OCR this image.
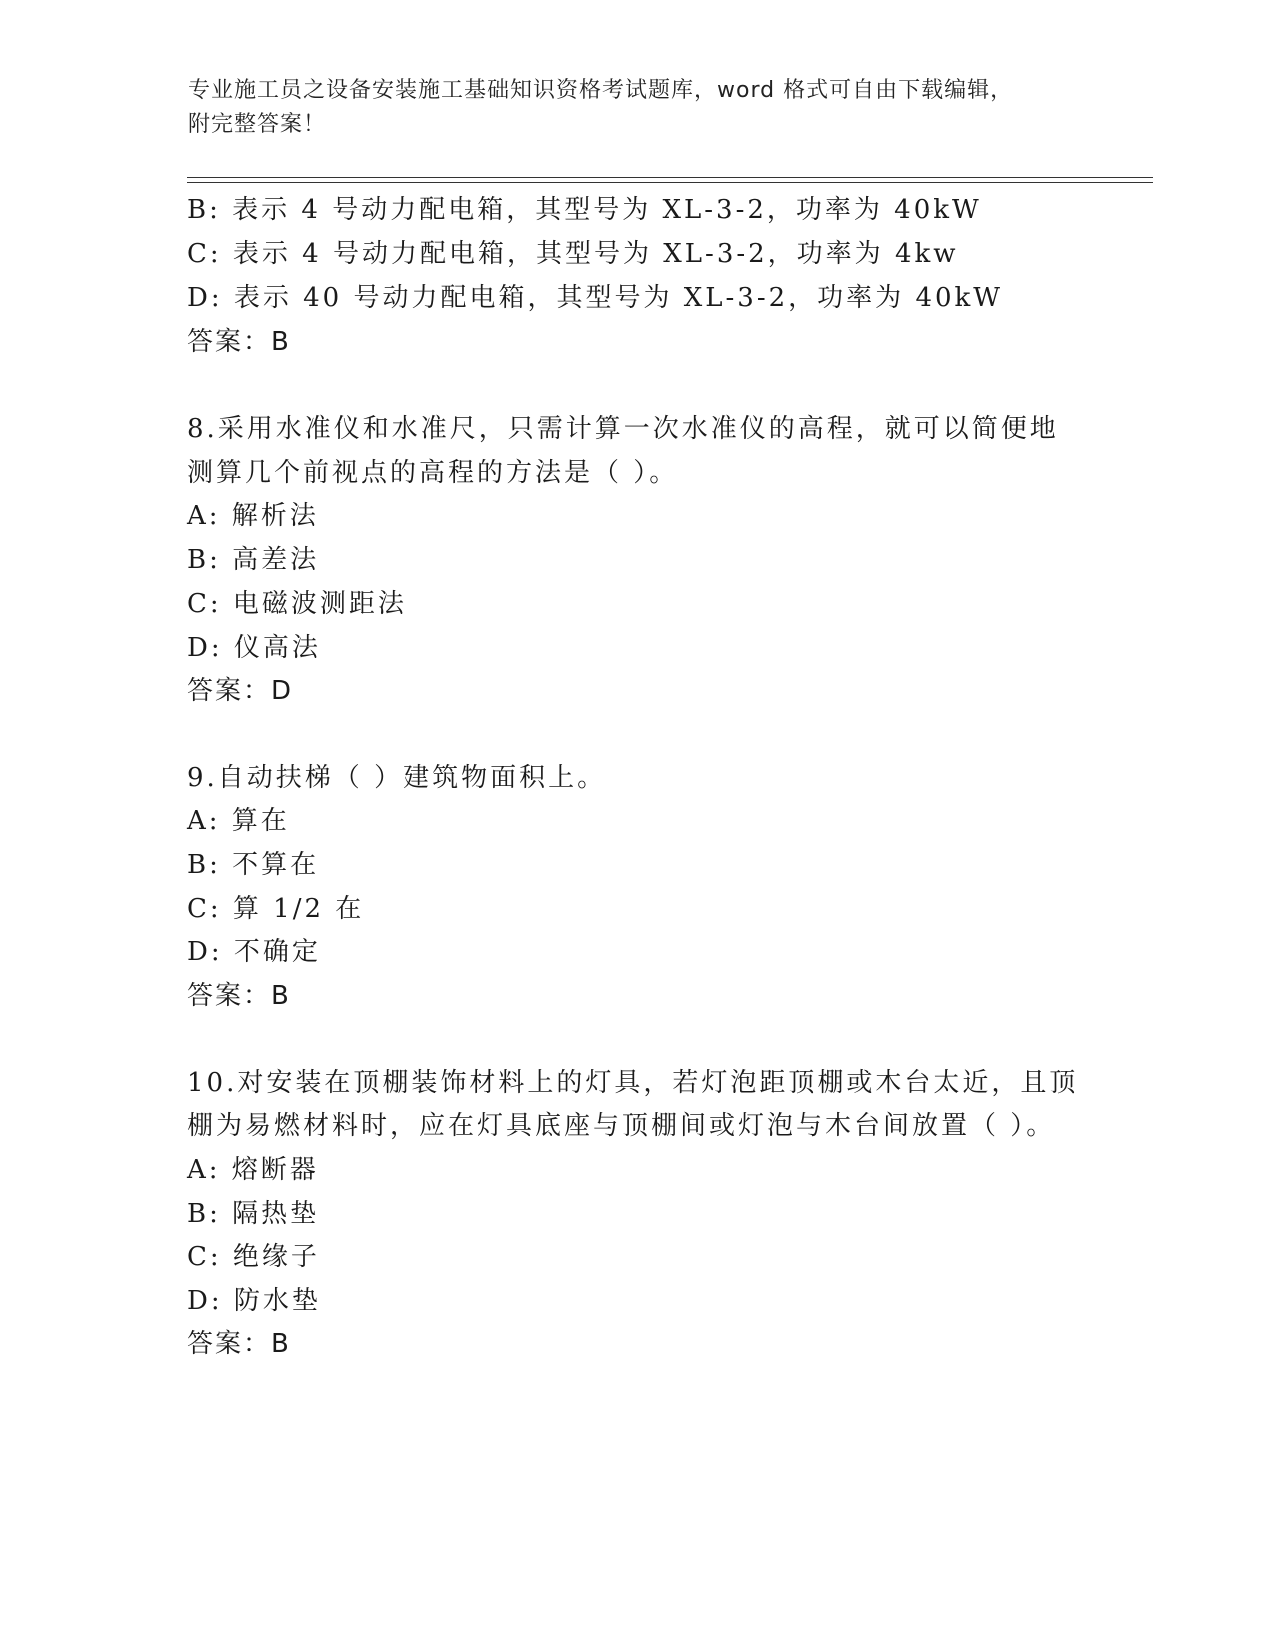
专业施工员之设备安装施工基础知识资格考试题库，word 格式可自由下载编辑，
附完整答案！
B: 表示 4 号动力配电箱，其型号为 XL-3-2，功率为 40kW
C: 表示 4 号动力配电箱，其型号为 XL-3-2，功率为 4kw
D: 表示 40 号动力配电箱，其型号为 XL-3-2，功率为 40kW
答案：B
8.采用水准仪和水准尺，只需计算一次水准仪的高程，就可以简便地
测算几个前视点的高程的方法是（ ）。
A: 解析法
B: 高差法
C: 电磁波测距法
D: 仪高法
答案：D
9.自动扶梯（ ）建筑物面积上。
A: 算在
B: 不算在
C: 算 1/2 在
D: 不确定
答案：B
10.对安装在顶棚装饰材料上的灯具，若灯泡距顶棚或木台太近，且顶
棚为易燃材料时，应在灯具底座与顶棚间或灯泡与木台间放置（ ）。
A: 熔断器
B: 隔热垫
C: 绝缘子
D: 防水垫
答案：B
